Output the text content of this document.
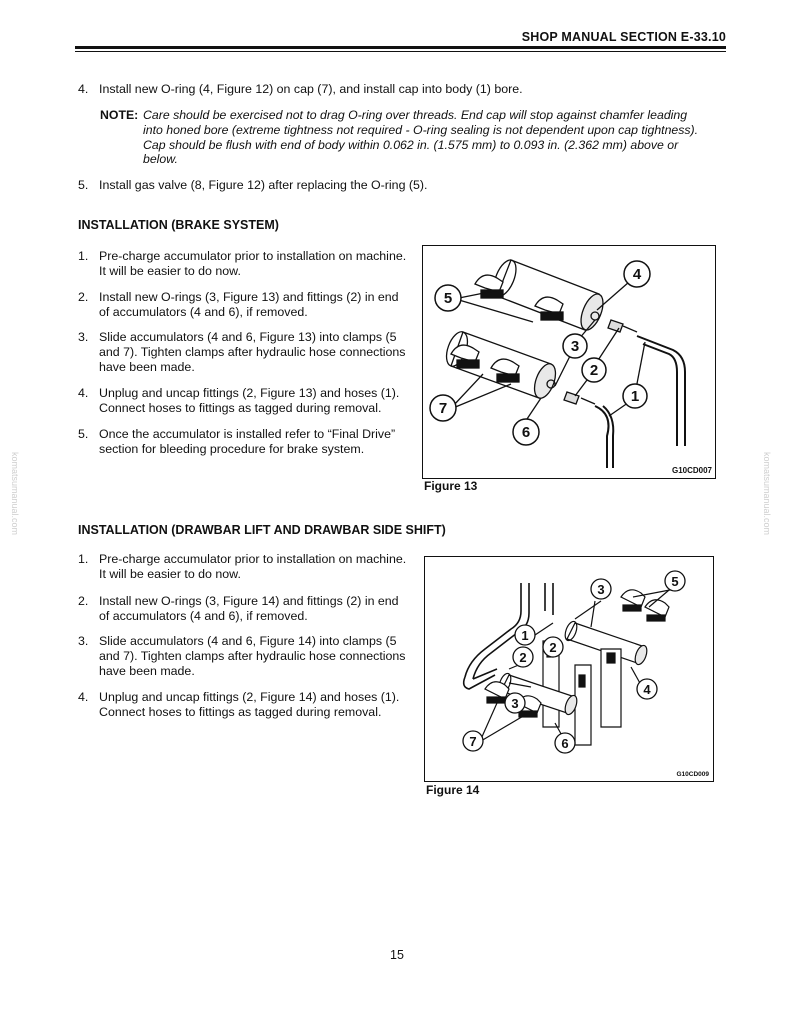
SHOP MANUAL SECTION E-33.10
4. Install new O-ring (4, Figure 12) on cap (7), and install cap into body (1) bore.
NOTE: Care should be exercised not to drag O-ring over threads. End cap will stop against chamfer leading
into honed bore (extreme tightness not required - O-ring sealing is not dependent upon cap tightness).
Cap should be flush with end of body within 0.062 in. (1.575 mm) to 0.093 in. (2.362 mm) above or
below.
5. Install gas valve (8, Figure 12) after replacing the O-ring (5).
INSTALLATION (BRAKE SYSTEM)
1. Pre-charge accumulator prior to installation on machine.
It will be easier to do now.
2. Install new O-rings (3, Figure 13) and fittings (2) in end
of accumulators (4 and 6), if removed.
3. Slide accumulators (4 and 6, Figure 13) into clamps (5
and 7). Tighten clamps after hydraulic hose connections
have been made.
4. Unplug and uncap fittings (2, Figure 13) and hoses (1).
Connect hoses to fittings as tagged during removal.
5. Once the accumulator is installed refer to “Final Drive”
section for bleeding procedure for brake system.
4
5
3
2
1
7
6
G10CD007
Figure 13
INSTALLATION (DRAWBAR LIFT AND DRAWBAR SIDE SHIFT)
1. Pre-charge accumulator prior to installation on machine.
It will be easier to do now.
2. Install new O-rings (3, Figure 14) and fittings (2) in end
of accumulators (4 and 6), if removed.
3. Slide accumulators (4 and 6, Figure 14) into clamps (5
and 7). Tighten clamps after hydraulic hose connections
have been made.
4. Unplug and uncap fittings (2, Figure 14) and hoses (1).
Connect hoses to fittings as tagged during removal.
3
5
1
2
2
3
4
7	6
G10CD009
Figure 14
15
komatsumanual.com	komatsumanual.com
